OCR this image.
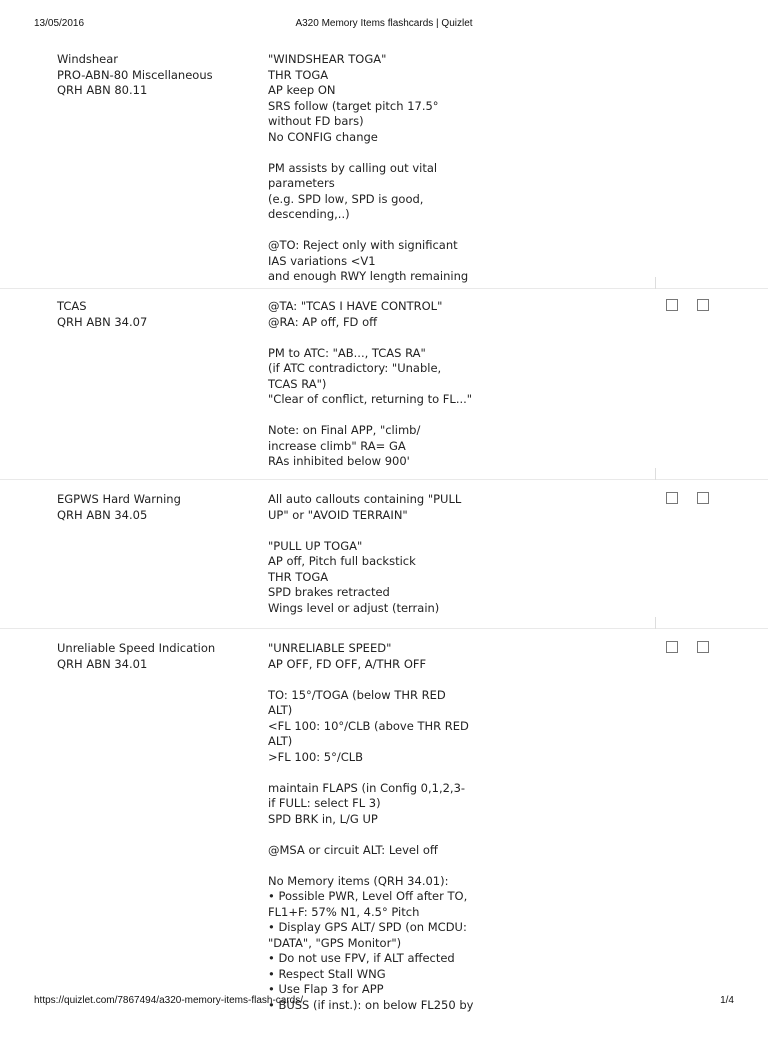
13/05/2016	A320 Memory Items flashcards | Quizlet
Windshear
PRO-ABN-80 Miscellaneous
QRH ABN 80.11
"WINDSHEAR TOGA"
THR TOGA
AP keep ON
SRS follow (target pitch 17.5°
without FD bars)
No CONFIG change

PM assists by calling out vital
parameters
(e.g. SPD low, SPD is good,
descending,..)

@TO: Reject only with significant
IAS variations <V1
and enough RWY length remaining
TCAS
QRH ABN 34.07
@TA: "TCAS I HAVE CONTROL"
@RA: AP off, FD off

PM to ATC: "AB..., TCAS RA"
(if ATC contradictory: "Unable,
TCAS RA")
"Clear of conflict, returning to FL..."

Note: on Final APP, "climb/
increase climb" RA= GA
RAs inhibited below 900'
EGPWS Hard Warning
QRH ABN 34.05
All auto callouts containing "PULL
UP" or "AVOID TERRAIN"

"PULL UP TOGA"
AP off, Pitch full backstick
THR TOGA
SPD brakes retracted
Wings level or adjust (terrain)
Unreliable Speed Indication
QRH ABN 34.01
"UNRELIABLE SPEED"
AP OFF, FD OFF, A/THR OFF

TO: 15°/TOGA (below THR RED
ALT)
<FL 100: 10°/CLB (above THR RED
ALT)
>FL 100: 5°/CLB

maintain FLAPS (in Config 0,1,2,3-
if FULL: select FL 3)
SPD BRK in, L/G UP

@MSA or circuit ALT: Level off

No Memory items (QRH 34.01):
• Possible PWR, Level Off after TO,
FL1+F: 57% N1, 4.5° Pitch
• Display GPS ALT/ SPD (on MCDU:
"DATA", "GPS Monitor")
• Do not use FPV, if ALT affected
• Respect Stall WNG
• Use Flap 3 for APP
• BUSS (if inst.): on below FL250 by
https://quizlet.com/7867494/a320-memory-items-flash-cards/	1/4
